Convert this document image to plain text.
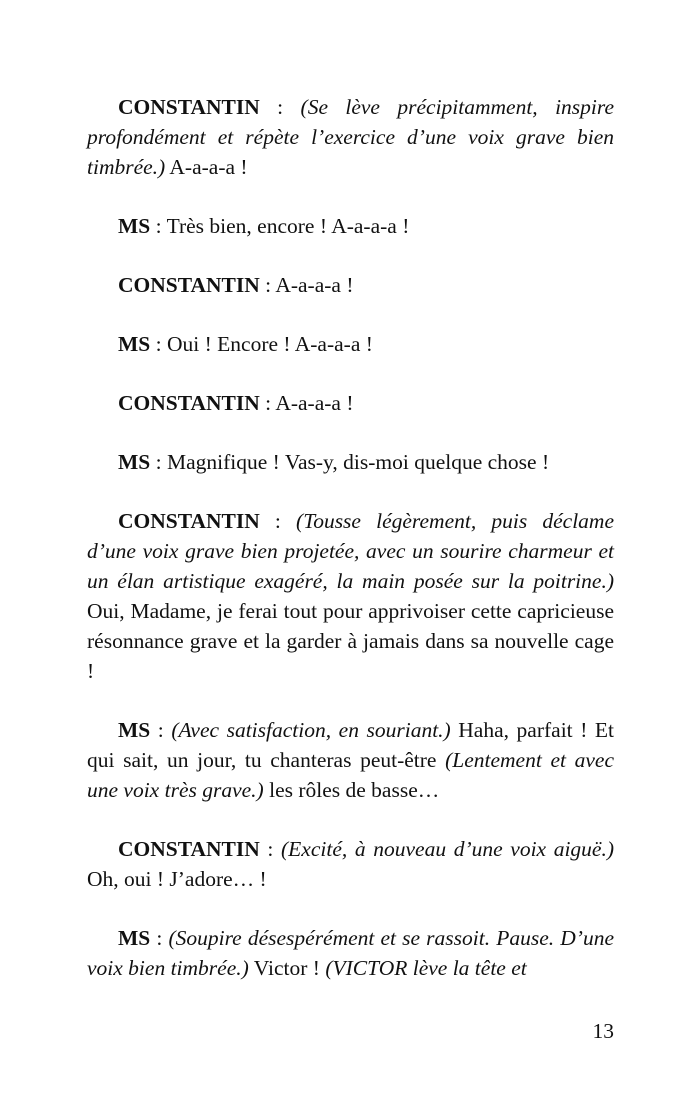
CONSTANTIN : (Se lève précipitamment, inspire profondément et répète l’exercice d’une voix grave bien timbrée.) A-a-a-a !

MS : Très bien, encore ! A-a-a-a !

CONSTANTIN : A-a-a-a !

MS : Oui ! Encore ! A-a-a-a !

CONSTANTIN : A-a-a-a !

MS : Magnifique ! Vas-y, dis-moi quelque chose !

CONSTANTIN : (Tousse légèrement, puis déclame d’une voix grave bien projetée, avec un sourire charmeur et un élan artistique exagéré, la main posée sur la poitrine.) Oui, Madame, je ferai tout pour apprivoiser cette capricieuse résonnance grave et la garder à jamais dans sa nouvelle cage !

MS : (Avec satisfaction, en souriant.) Haha, parfait ! Et qui sait, un jour, tu chanteras peut-être (Lentement et avec une voix très grave.) les rôles de basse…

CONSTANTIN : (Excité, à nouveau d’une voix aiguë.) Oh, oui ! J’adore… !

MS : (Soupire désespérément et se rassoit. Pause. D’une voix bien timbrée.) Victor ! (VICTOR lève la tête et

13
